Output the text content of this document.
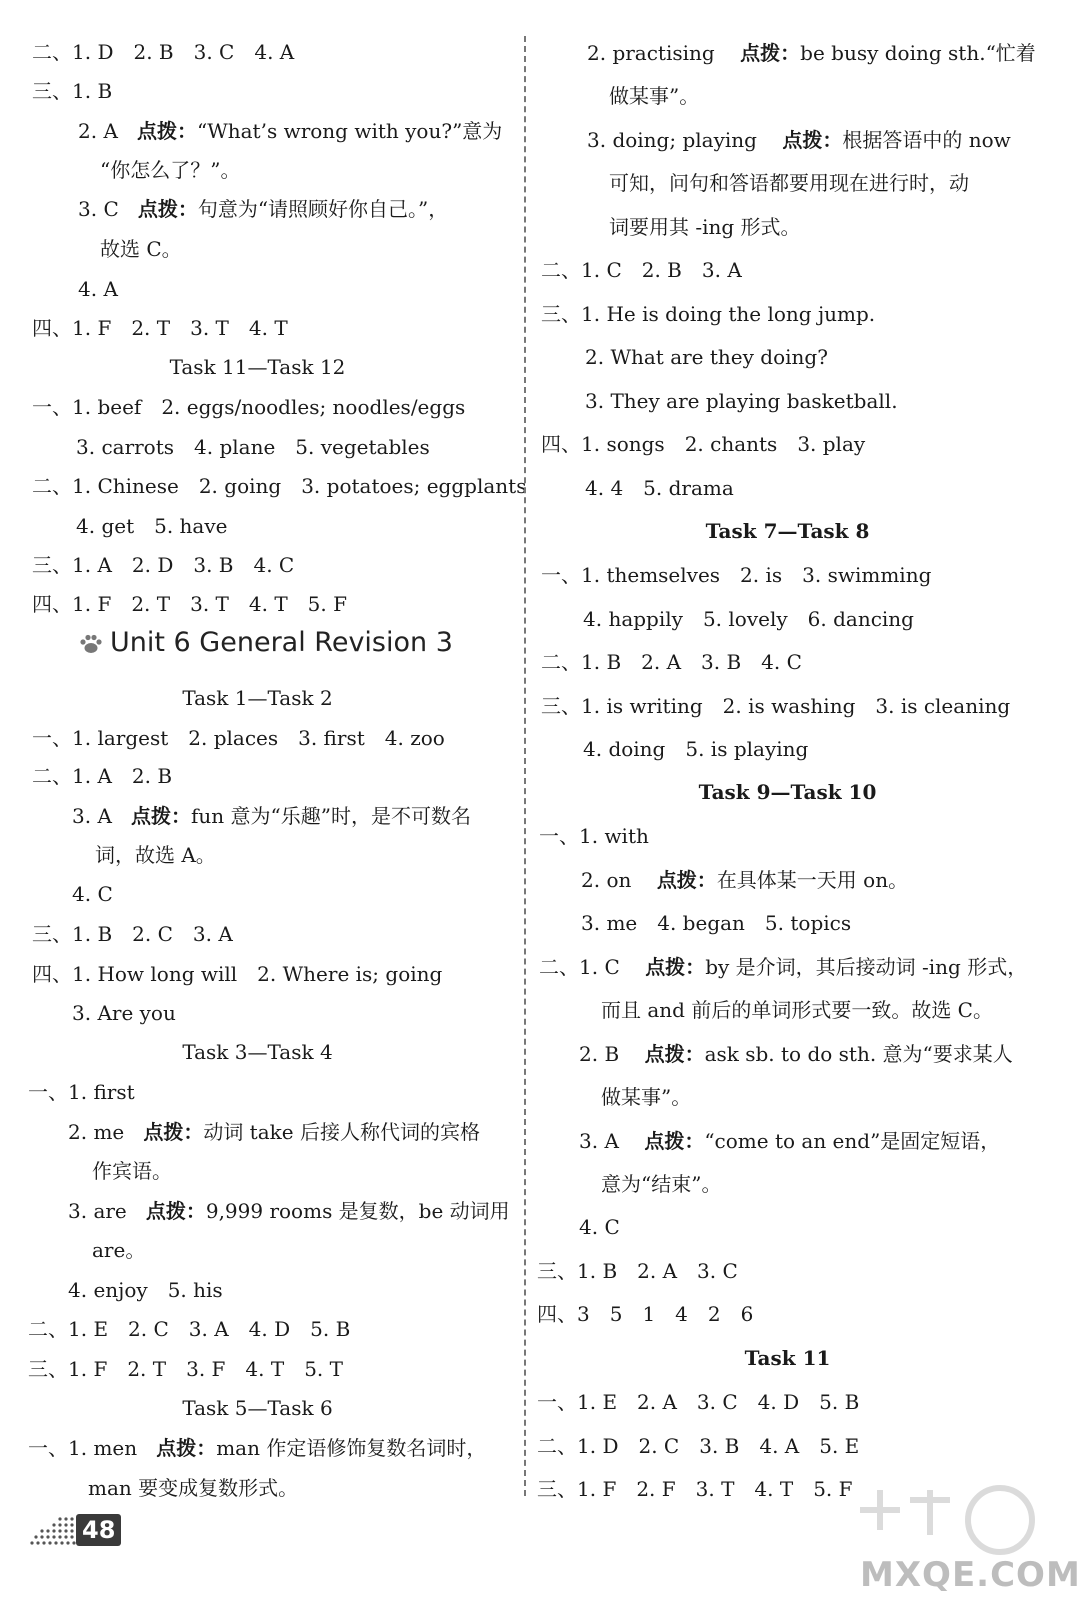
二、1. D　2. B　3. C　4. A
三、1. B
2. A 点拨：“What’s wrong with you?”意为
“你怎么了？”。
3. C 点拨：句意为“请照顾好你自己。”，
故选 C。
4. A
四、1. F　2. T　3. T　4. T
Task 11—Task 12
一、1. beef　2. eggs/noodles; noodles/eggs
3. carrots　4. plane　5. vegetables
二、1. Chinese　2. going　3. potatoes; eggplants
4. get　5. have
三、1. A　2. D　3. B　4. C
四、1. F　2. T　3. T　4. T　5. F
Unit 6 General Revision 3
Task 1—Task 2
一、1. largest　2. places　3. first　4. zoo
二、1. A　2. B
3. A 点拨：fun 意为“乐趣”时，是不可数名
词，故选 A。
4. C
三、1. B　2. C　3. A
四、1. How long will　2. Where is; going
3. Are you
Task 3—Task 4
一、1. first
2. me 点拨：动词 take 后接人称代词的宾格
作宾语。
3. are 点拨：9,999 rooms 是复数，be 动词用
are。
4. enjoy　5. his
二、1. E　2. C　3. A　4. D　5. B
三、1. F　2. T　3. F　4. T　5. T
Task 5—Task 6
一、1. men 点拨：man 作定语修饰复数名词时，
man 要变成复数形式。
2. practising 点拨：be busy doing sth.“忙着
做某事”。
3. doing; playing 点拨：根据答语中的 now
可知，问句和答语都要用现在进行时，动
词要用其 -ing 形式。
二、1. C　2. B　3. A
三、1. He is doing the long jump.
2. What are they doing?
3. They are playing basketball.
四、1. songs　2. chants　3. play
4. 4　5. drama
Task 7—Task 8
一、1. themselves　2. is　3. swimming
4. happily　5. lovely　6. dancing
二、1. B　2. A　3. B　4. C
三、1. is writing　2. is washing　3. is cleaning
4. doing　5. is playing
Task 9—Task 10
一、1. with
2. on 点拨：在具体某一天用 on。
3. me　4. began　5. topics
二、1. C 点拨：by 是介词，其后接动词 -ing 形式，
而且 and 前后的单词形式要一致。故选 C。
2. B 点拨：ask sb. to do sth. 意为“要求某人
做某事”。
3. A 点拨：“come to an end”是固定短语，
意为“结束”。
4. C
三、1. B　2. A　3. C
四、3　5　1　4　2　6
Task 11
一、1. E　2. A　3. C　4. D　5. B
二、1. D　2. C　3. B　4. A　5. E
三、1. F　2. F　3. T　4. T　5. F
48
MXQE.COM
